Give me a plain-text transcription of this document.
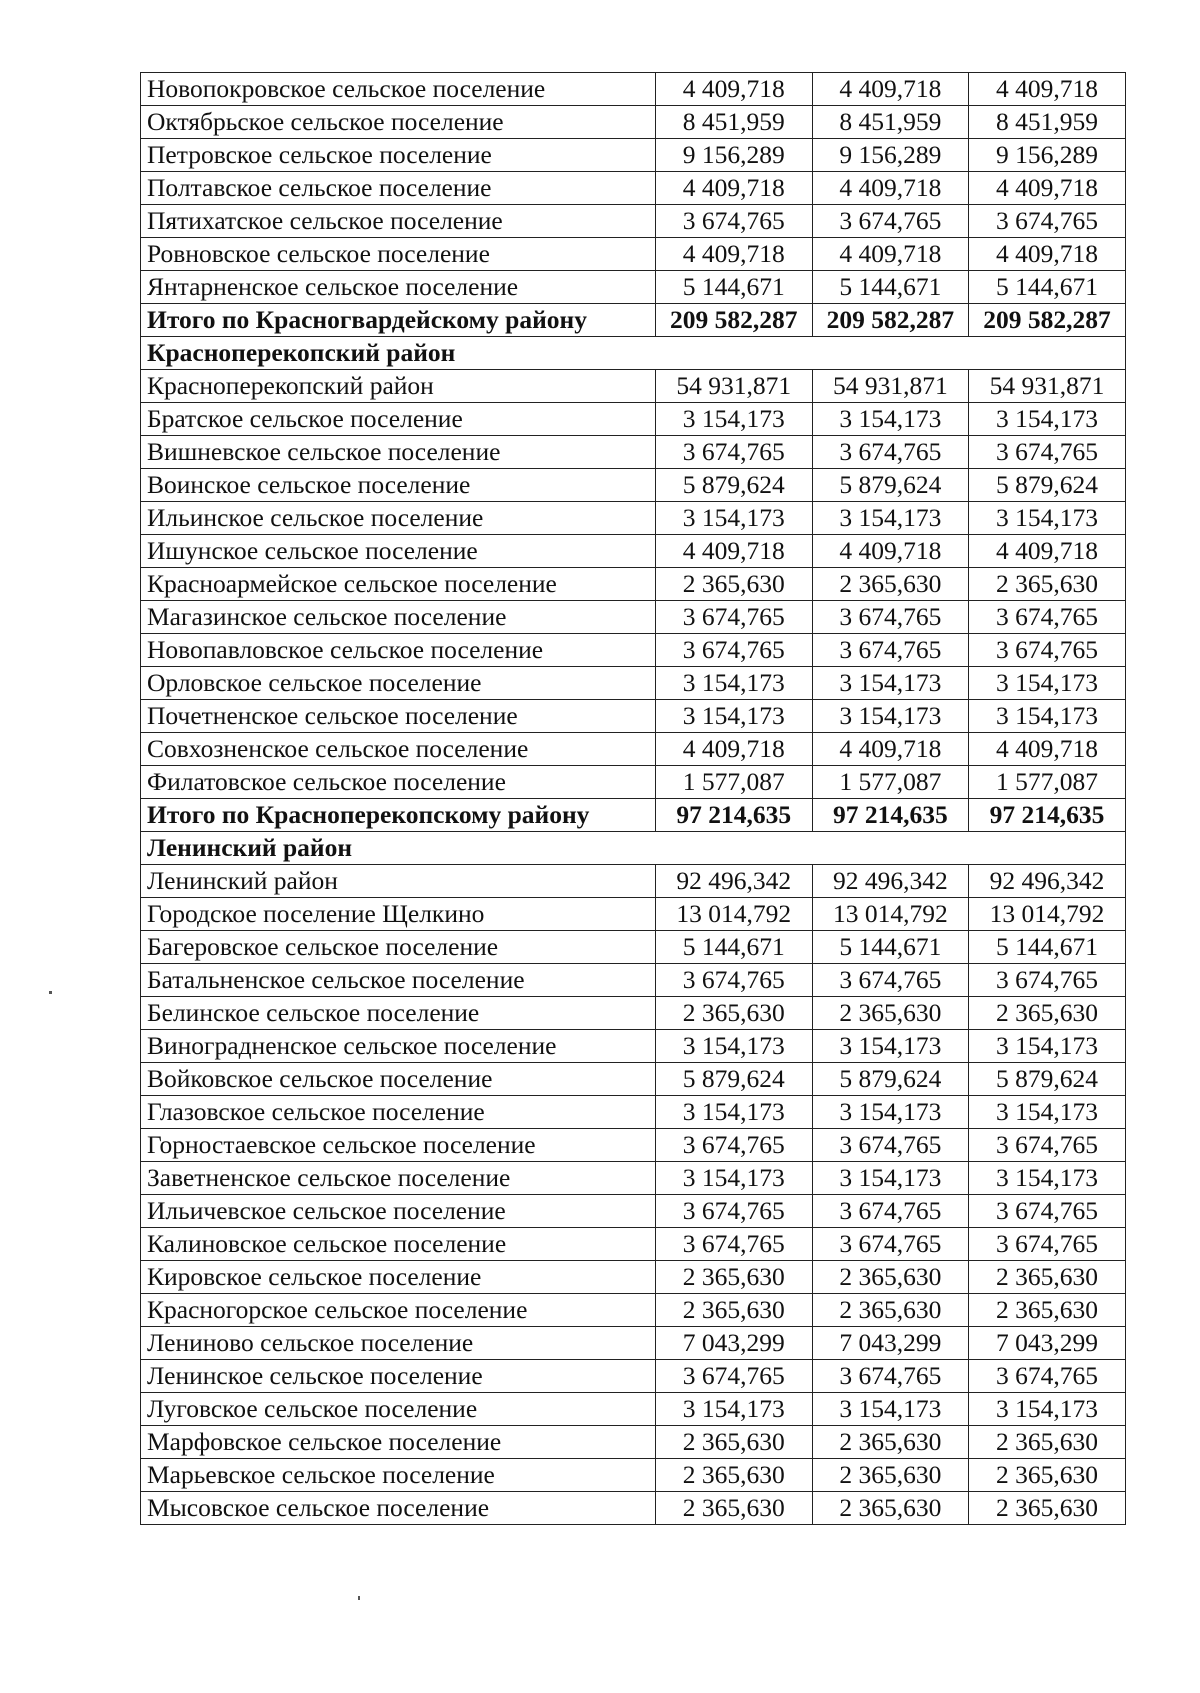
Новопокровское сельское поселение	4 409,718	4 409,718	4 409,718
Октябрьское сельское поселение	8 451,959	8 451,959	8 451,959
Петровское сельское поселение	9 156,289	9 156,289	9 156,289
Полтавское сельское поселение	4 409,718	4 409,718	4 409,718
Пятихатское сельское поселение	3 674,765	3 674,765	3 674,765
Ровновское сельское поселение	4 409,718	4 409,718	4 409,718
Янтарненское сельское поселение	5 144,671	5 144,671	5 144,671
Итого по Красногвардейскому району	209 582,287	209 582,287	209 582,287
Красноперекопский район			
Красноперекопский район	54 931,871	54 931,871	54 931,871
Братское сельское поселение	3 154,173	3 154,173	3 154,173
Вишневское сельское поселение	3 674,765	3 674,765	3 674,765
Воинское сельское поселение	5 879,624	5 879,624	5 879,624
Ильинское сельское поселение	3 154,173	3 154,173	3 154,173
Ишунское сельское поселение	4 409,718	4 409,718	4 409,718
Красноармейское сельское поселение	2 365,630	2 365,630	2 365,630
Магазинское сельское поселение	3 674,765	3 674,765	3 674,765
Новопавловское сельское поселение	3 674,765	3 674,765	3 674,765
Орловское сельское поселение	3 154,173	3 154,173	3 154,173
Почетненское сельское поселение	3 154,173	3 154,173	3 154,173
Совхозненское сельское поселение	4 409,718	4 409,718	4 409,718
Филатовское сельское поселение	1 577,087	1 577,087	1 577,087
Итого по Красноперекопскому району	97 214,635	97 214,635	97 214,635
Ленинский район			
Ленинский район	92 496,342	92 496,342	92 496,342
Городское поселение Щелкино	13 014,792	13 014,792	13 014,792
Багеровское сельское поселение	5 144,671	5 144,671	5 144,671
Батальненское сельское поселение	3 674,765	3 674,765	3 674,765
Белинское сельское поселение	2 365,630	2 365,630	2 365,630
Виноградненское сельское поселение	3 154,173	3 154,173	3 154,173
Войковское сельское поселение	5 879,624	5 879,624	5 879,624
Глазовское сельское поселение	3 154,173	3 154,173	3 154,173
Горностаевское сельское поселение	3 674,765	3 674,765	3 674,765
Заветненское сельское поселение	3 154,173	3 154,173	3 154,173
Ильичевское сельское поселение	3 674,765	3 674,765	3 674,765
Калиновское сельское поселение	3 674,765	3 674,765	3 674,765
Кировское сельское поселение	2 365,630	2 365,630	2 365,630
Красногорское сельское поселение	2 365,630	2 365,630	2 365,630
Лениново сельское поселение	7 043,299	7 043,299	7 043,299
Ленинское сельское поселение	3 674,765	3 674,765	3 674,765
Луговское сельское поселение	3 154,173	3 154,173	3 154,173
Марфовское сельское поселение	2 365,630	2 365,630	2 365,630
Марьевское сельское поселение	2 365,630	2 365,630	2 365,630
Мысовское сельское поселение	2 365,630	2 365,630	2 365,630
